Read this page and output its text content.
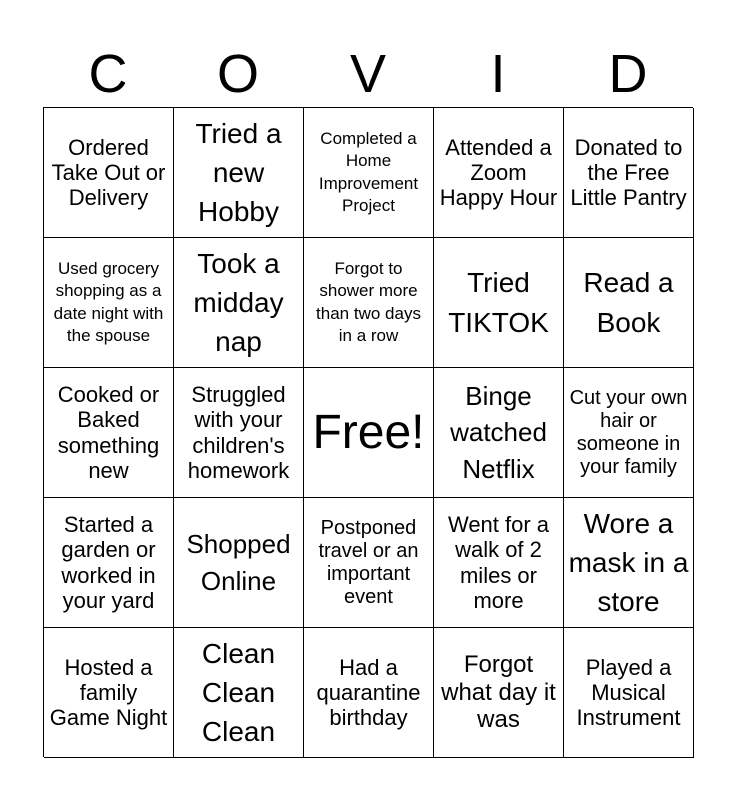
C	O	V	I	D
Ordered Take Out or Delivery
Tried a new Hobby
Completed a Home Improvement Project
Attended a Zoom Happy Hour
Donated to the Free Little Pantry
Used grocery shopping as a date night with the spouse
Took a midday nap
Forgot to shower more than two days in a row
Tried TIKTOK
Read a Book
Cooked or Baked something new
Struggled with your children's homework
Free!
Binge watched Netflix
Cut your own hair or someone in your family
Started a garden or worked in your yard
Shopped Online
Postponed travel or an important event
Went for a walk of 2 miles or more
Wore a mask in a store
Hosted a family Game Night
Clean Clean Clean
Had a quarantine birthday
Forgot what day it was
Played a Musical Instrument
